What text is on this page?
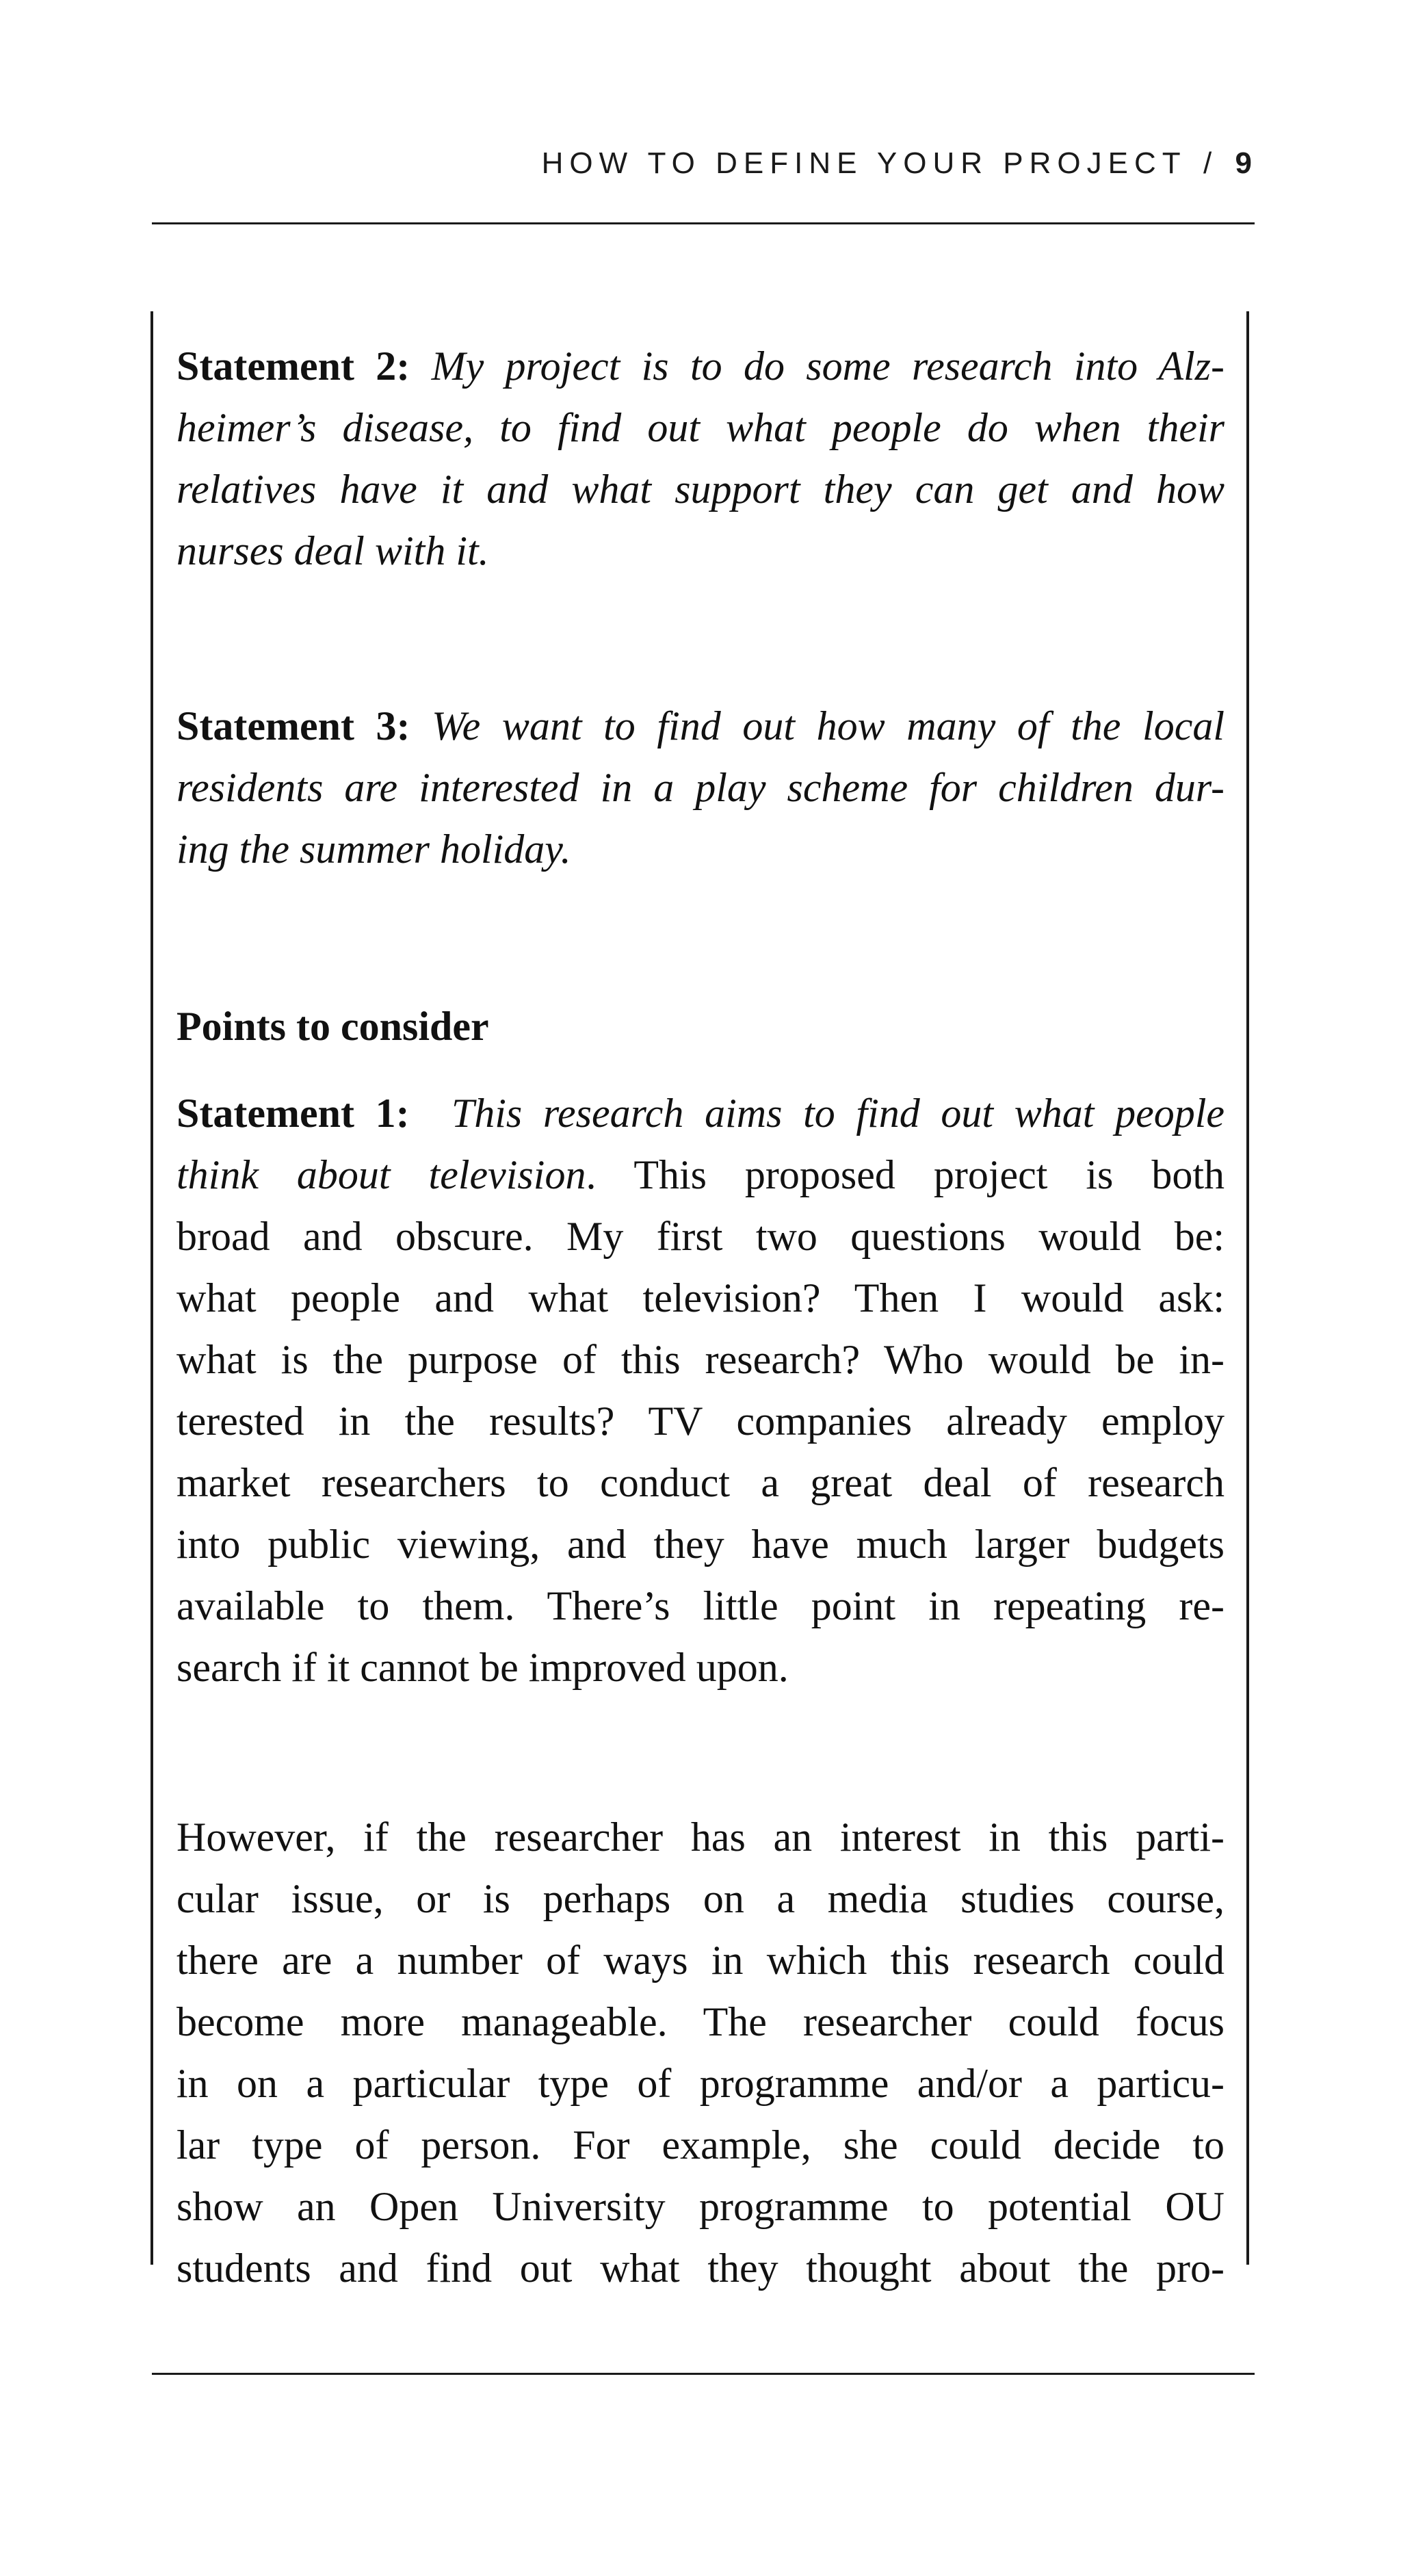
HOW TO DEFINE YOUR PROJECT / 9
Statement 2: My project is to do some research into Alz-
heimer’s disease, to find out what people do when their
relatives have it and what support they can get and how
nurses deal with it.
Statement 3: We want to find out how many of the local
residents are interested in a play scheme for children dur-
ing the summer holiday.
Points to consider
Statement 1: This research aims to find out what people
think about television. This proposed project is both
broad and obscure. My first two questions would be:
what people and what television? Then I would ask:
what is the purpose of this research? Who would be in-
terested in the results? TV companies already employ
market researchers to conduct a great deal of research
into public viewing, and they have much larger budgets
available to them. There’s little point in repeating re-
search if it cannot be improved upon.
However, if the researcher has an interest in this parti-
cular issue, or is perhaps on a media studies course,
there are a number of ways in which this research could
become more manageable. The researcher could focus
in on a particular type of programme and/or a particu-
lar type of person. For example, she could decide to
show an Open University programme to potential OU
students and find out what they thought about the pro-
